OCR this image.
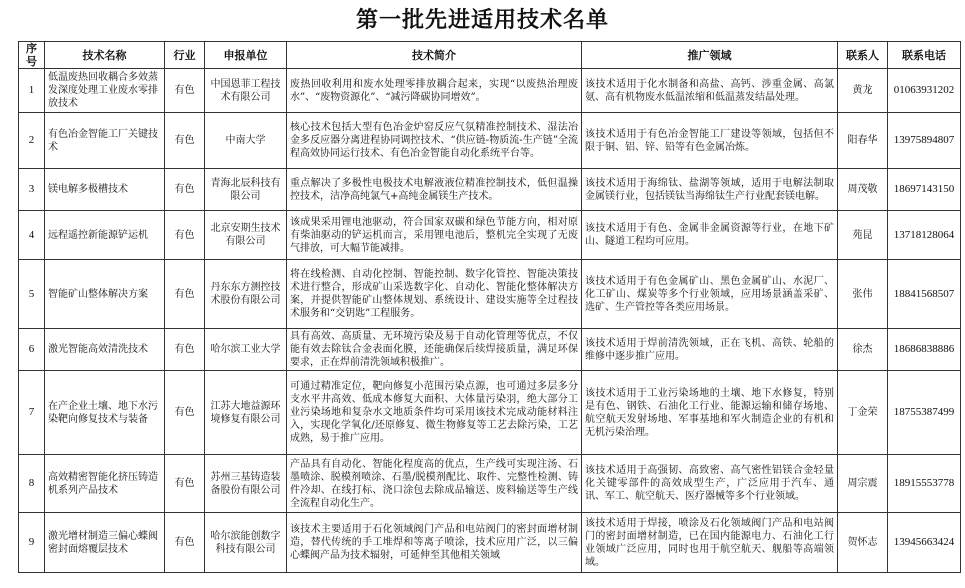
第一批先进适用技术名单
序号	技术名称	行业	申报单位	技术简介	推广领域	联系人	联系电话
1	低温废热回收耦合多效蒸发深度处理工业废水零排放技术	有色	中国恩菲工程技术有限公司	废热回收利用和废水处理零排放耦合起来，实现“以废热治理废水”、“废物资源化”、“减污降碳协同增效”。	该技术适用于化水制备和高盐、高钙、涉重金属、高氯氨、高有机物废水低温浓缩和低温蒸发结晶处理。	黄龙	01063931202
2	有色冶金智能工厂关键技术	有色	中南大学	核心技术包括大型有色冶金炉窑反应气氛精准控制技术、湿法冶金多反应器分离进程协同调控技术、“供应链-物质流-生产链”全流程高效协同运行技术、有色冶金智能自动化系统平台等。	该技术适用于有色冶金智能工厂建设等领域，包括但不限于铜、铝、锌、铅等有色金属冶炼。	阳春华	13975894807
3	镁电解多极槽技术	有色	青海北辰科技有限公司	重点解决了多极性电极技术电解液液位精准控制技术，低但温操控技术，洁净高纯氯气+高纯金属镁生产技术。	该技术适用于海绵钛、盐湖等领域，适用于电解法制取金属镁行业，包括镁钛当海绵钛生产行业配套镁电解。	周茂敬	18697143150
4	远程遥控新能源铲运机	有色	北京安期生技术有限公司	该成果采用锂电池驱动，符合国家双碳和绿色节能方向，相对原有柴油驱动的铲运机而言，采用锂电池后，整机完全实现了无废气排放，可大幅节能减排。	该技术适用于有色、金属非金属资源等行业，在地下矿山、隧道工程均可应用。	苑昆	13718128064
5	智能矿山整体解决方案	有色	丹东东方测控技术股份有限公司	将在线检测、自动化控制、智能控制、数字化管控、智能决策技术进行整合，形成矿山采选数字化、自动化、智能化整体解决方案，并提供智能矿山整体规划、系统设计、建设实施等全过程技术服务和“交钥匙”工程服务。	该技术适用于有色金属矿山、黑色金属矿山、水泥厂、化工矿山、煤炭等多个行业领域，应用场景涵盖采矿、选矿、生产管控等各类应用场景。	张伟	18841568507
6	激光智能高效清洗技术	有色	哈尔滨工业大学	具有高效、高质量、无环境污染及易于自动化管理等优点，不仅能有效去除钛合金表面化膜，还能确保后续焊接质量，满足环保要求，正在焊前清洗领域积极推广。	该技术适用于焊前清洗领域，正在飞机、高铁、轮船的维修中逐步推广应用。	徐杰	18686838886
7	在产企业土壤、地下水污染靶向修复技术与装备	有色	江苏大地益源环境修复有限公司	可通过精准定位，靶向修复小范围污染点源，也可通过多层多分支水平井高效、低成本修复大面积、大体量污染羽，绝大部分工业污染场地和复杂水文地质条件均可采用该技术完成动能材料注入，实现化学氧化/还原修复、微生物修复等工艺去除污染，工艺成熟，易于推广应用。	该技术适用于工业污染场地的土壤、地下水修复，特别是有色、钢铁、石油化工行业、能源运输和储存场地、航空航天发射场地、军事基地和军火制造企业的有机和无机污染治理。	丁金荣	18755387499
8	高效精密智能化挤压铸造机系列产品技术	有色	苏州三基铸造装备股份有限公司	产品具有自动化、智能化程度高的优点，生产线可实现注汤、石墨喷涂、脱模剂喷涂、石墨/脱模剂配比、取件、完整性检测、铸件冷却、在线打标、浇口涂包去除成品输送、废料输送等生产线全流程自动化生产。	该技术适用于高强韧、高致密、高气密性铝镁合金轻量化关键零部件的高效成型生产，广泛应用于汽车、通讯、军工、航空航天、医疗器械等多个行业领域。	周宗震	18915553778
9	激光增材制造三偏心蝶阀密封面熔覆层技术	有色	哈尔滨能创数字科技有限公司	该技术主要适用于石化领域阀门产品和电站阀门的密封面增材制造，替代传统的手工堆焊和等离子喷涂，技术应用广泛，以三偏心蝶阀产品为技术辐射，可延伸至其他相关领域	该技术适用于焊接，喷涂及石化领域阀门产品和电站阀门的密封面增材制造，已在国内能源电力、石油化工行业领域广泛应用，同时也用于航空航天、舰船等高端领域。	贺怀志	13945663424
